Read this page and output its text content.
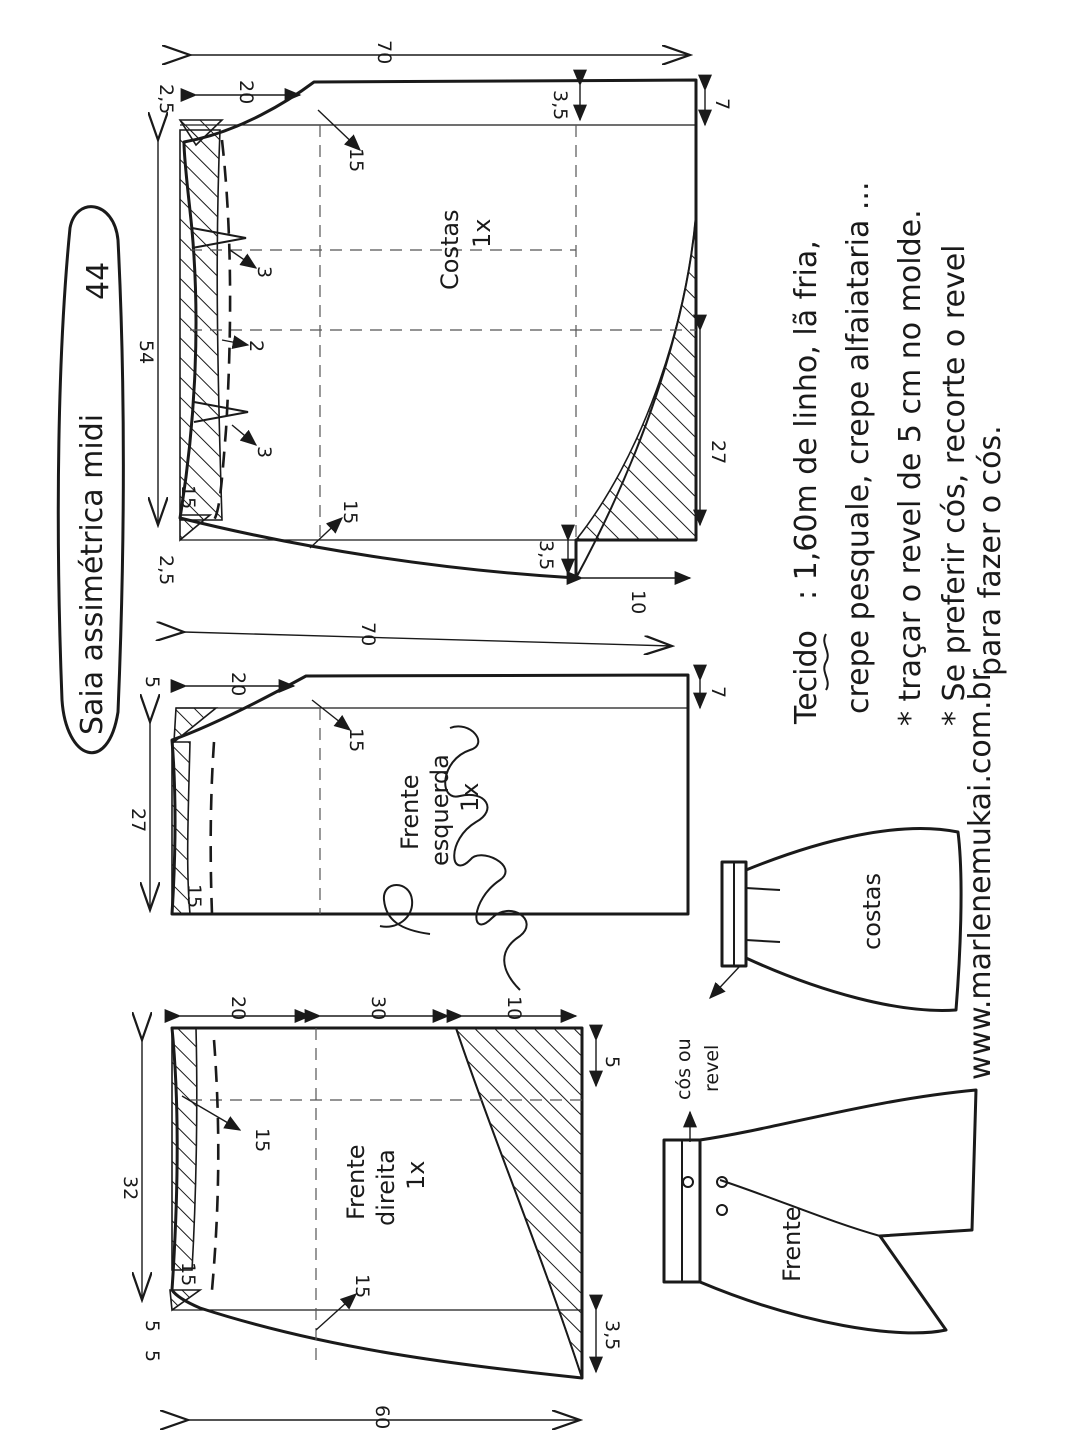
Saia assimétrica midi
44	Costas 1x
70
54
20
27
2,5
2,5
3,5
3,5
7
10
15
15
15
3
2
3
Frente esquerda 1x
70
27
20
5
15
15
7
Frente direita 1x
60
32
20	30	10
5
5
5
3,5
15
15
15
Tecido
: 1,60m de linho, lã fria, crepe pesquale, crepe alfaiataria ... * traçar o revel de 5 cm no molde. * Se preferir cós, recorte o revel para fazer o cós.
costas
Frente
cós ou revel	www.marlenemukai.com.br
